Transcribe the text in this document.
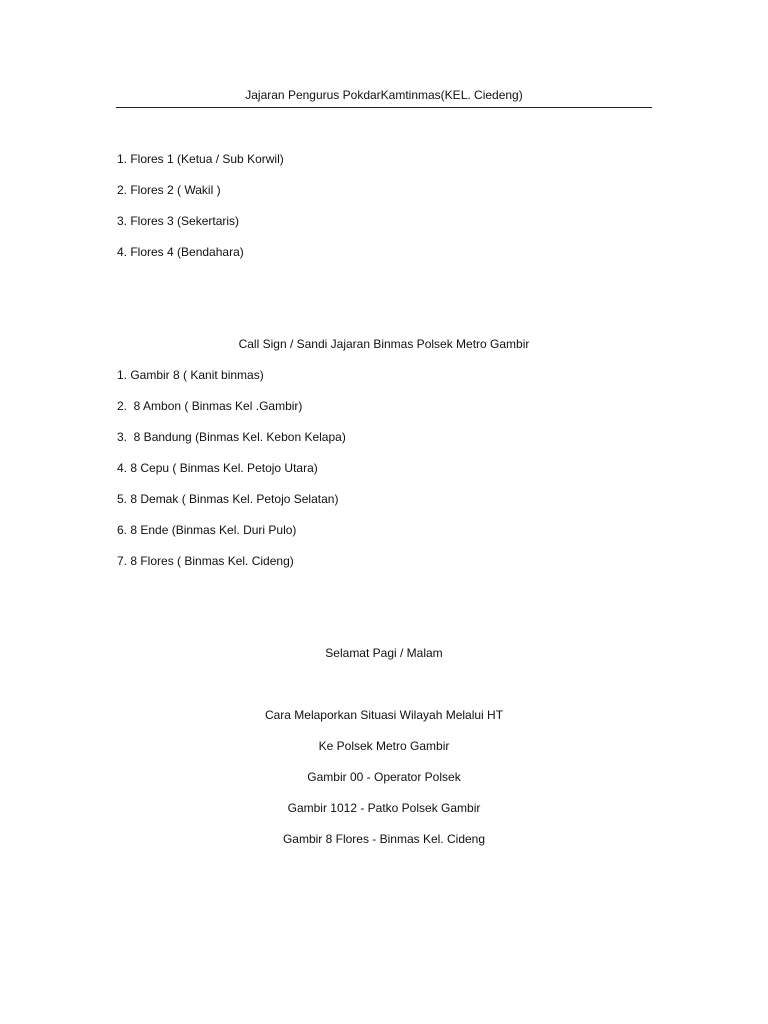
Jajaran Pengurus PokdarKamtinmas(KEL. Ciedeng)
1. Flores 1 (Ketua / Sub Korwil)
2. Flores 2 ( Wakil )
3. Flores 3 (Sekertaris)
4. Flores 4 (Bendahara)
Call Sign / Sandi Jajaran Binmas Polsek Metro Gambir
1. Gambir 8 ( Kanit binmas)
2.  8 Ambon ( Binmas Kel .Gambir)
3.  8 Bandung (Binmas Kel. Kebon Kelapa)
4. 8 Cepu ( Binmas Kel. Petojo Utara)
5. 8 Demak ( Binmas Kel. Petojo Selatan)
6. 8 Ende (Binmas Kel. Duri Pulo)
7. 8 Flores ( Binmas Kel. Cideng)
Selamat Pagi / Malam
Cara Melaporkan Situasi Wilayah Melalui HT
Ke Polsek Metro Gambir
Gambir 00 - Operator Polsek
Gambir 1012 - Patko Polsek Gambir
Gambir 8 Flores - Binmas Kel. Cideng
